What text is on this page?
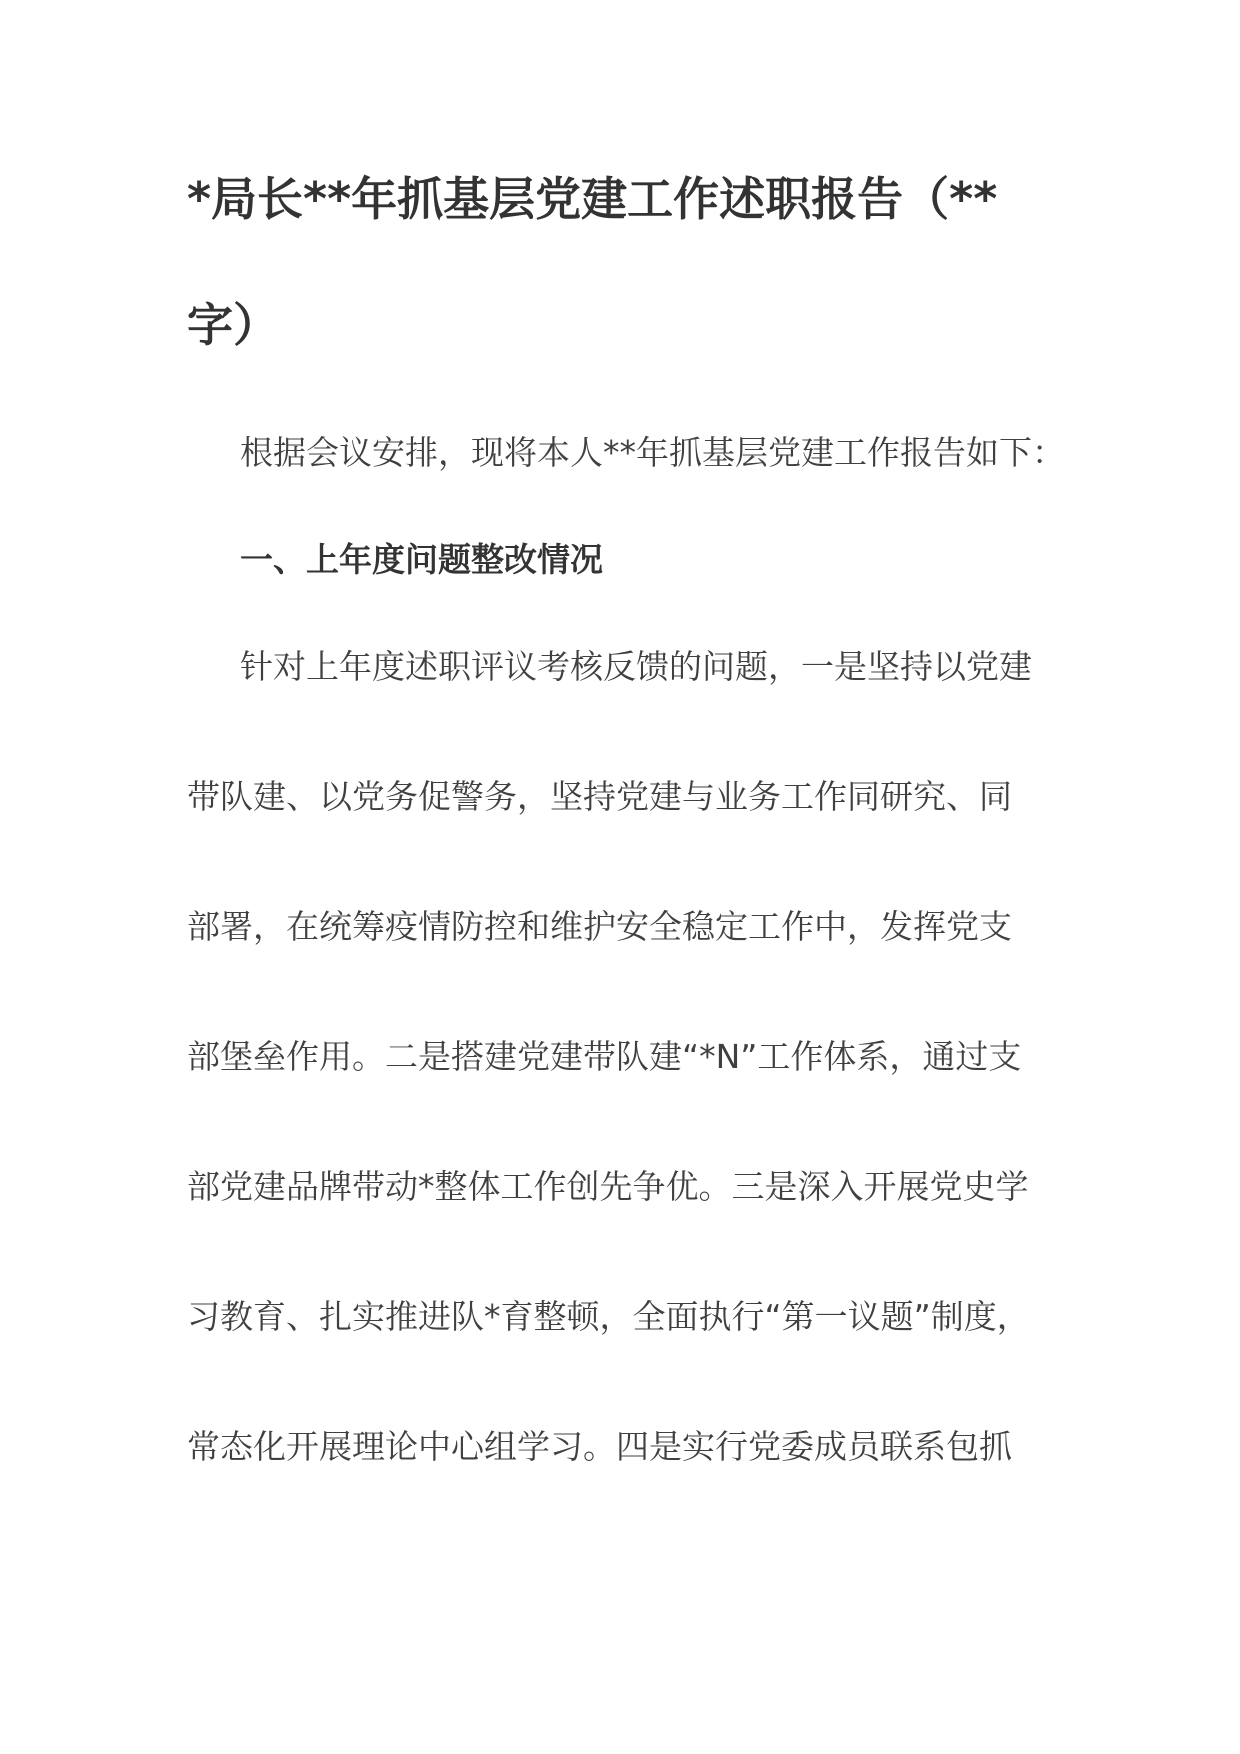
*局长**年抓基层党建工作述职报告（**
字）
根据会议安排，现将本人**年抓基层党建工作报告如下：
一、上年度问题整改情况
针对上年度述职评议考核反馈的问题，一是坚持以党建
带队建、以党务促警务，坚持党建与业务工作同研究、同
部署，在统筹疫情防控和维护安全稳定工作中，发挥党支
部堡垒作用。二是搭建党建带队建“*N”工作体系，通过支
部党建品牌带动*整体工作创先争优。三是深入开展党史学
习教育、扎实推进队*育整顿，全面执行“第一议题”制度，
常态化开展理论中心组学习。四是实行党委成员联系包抓
